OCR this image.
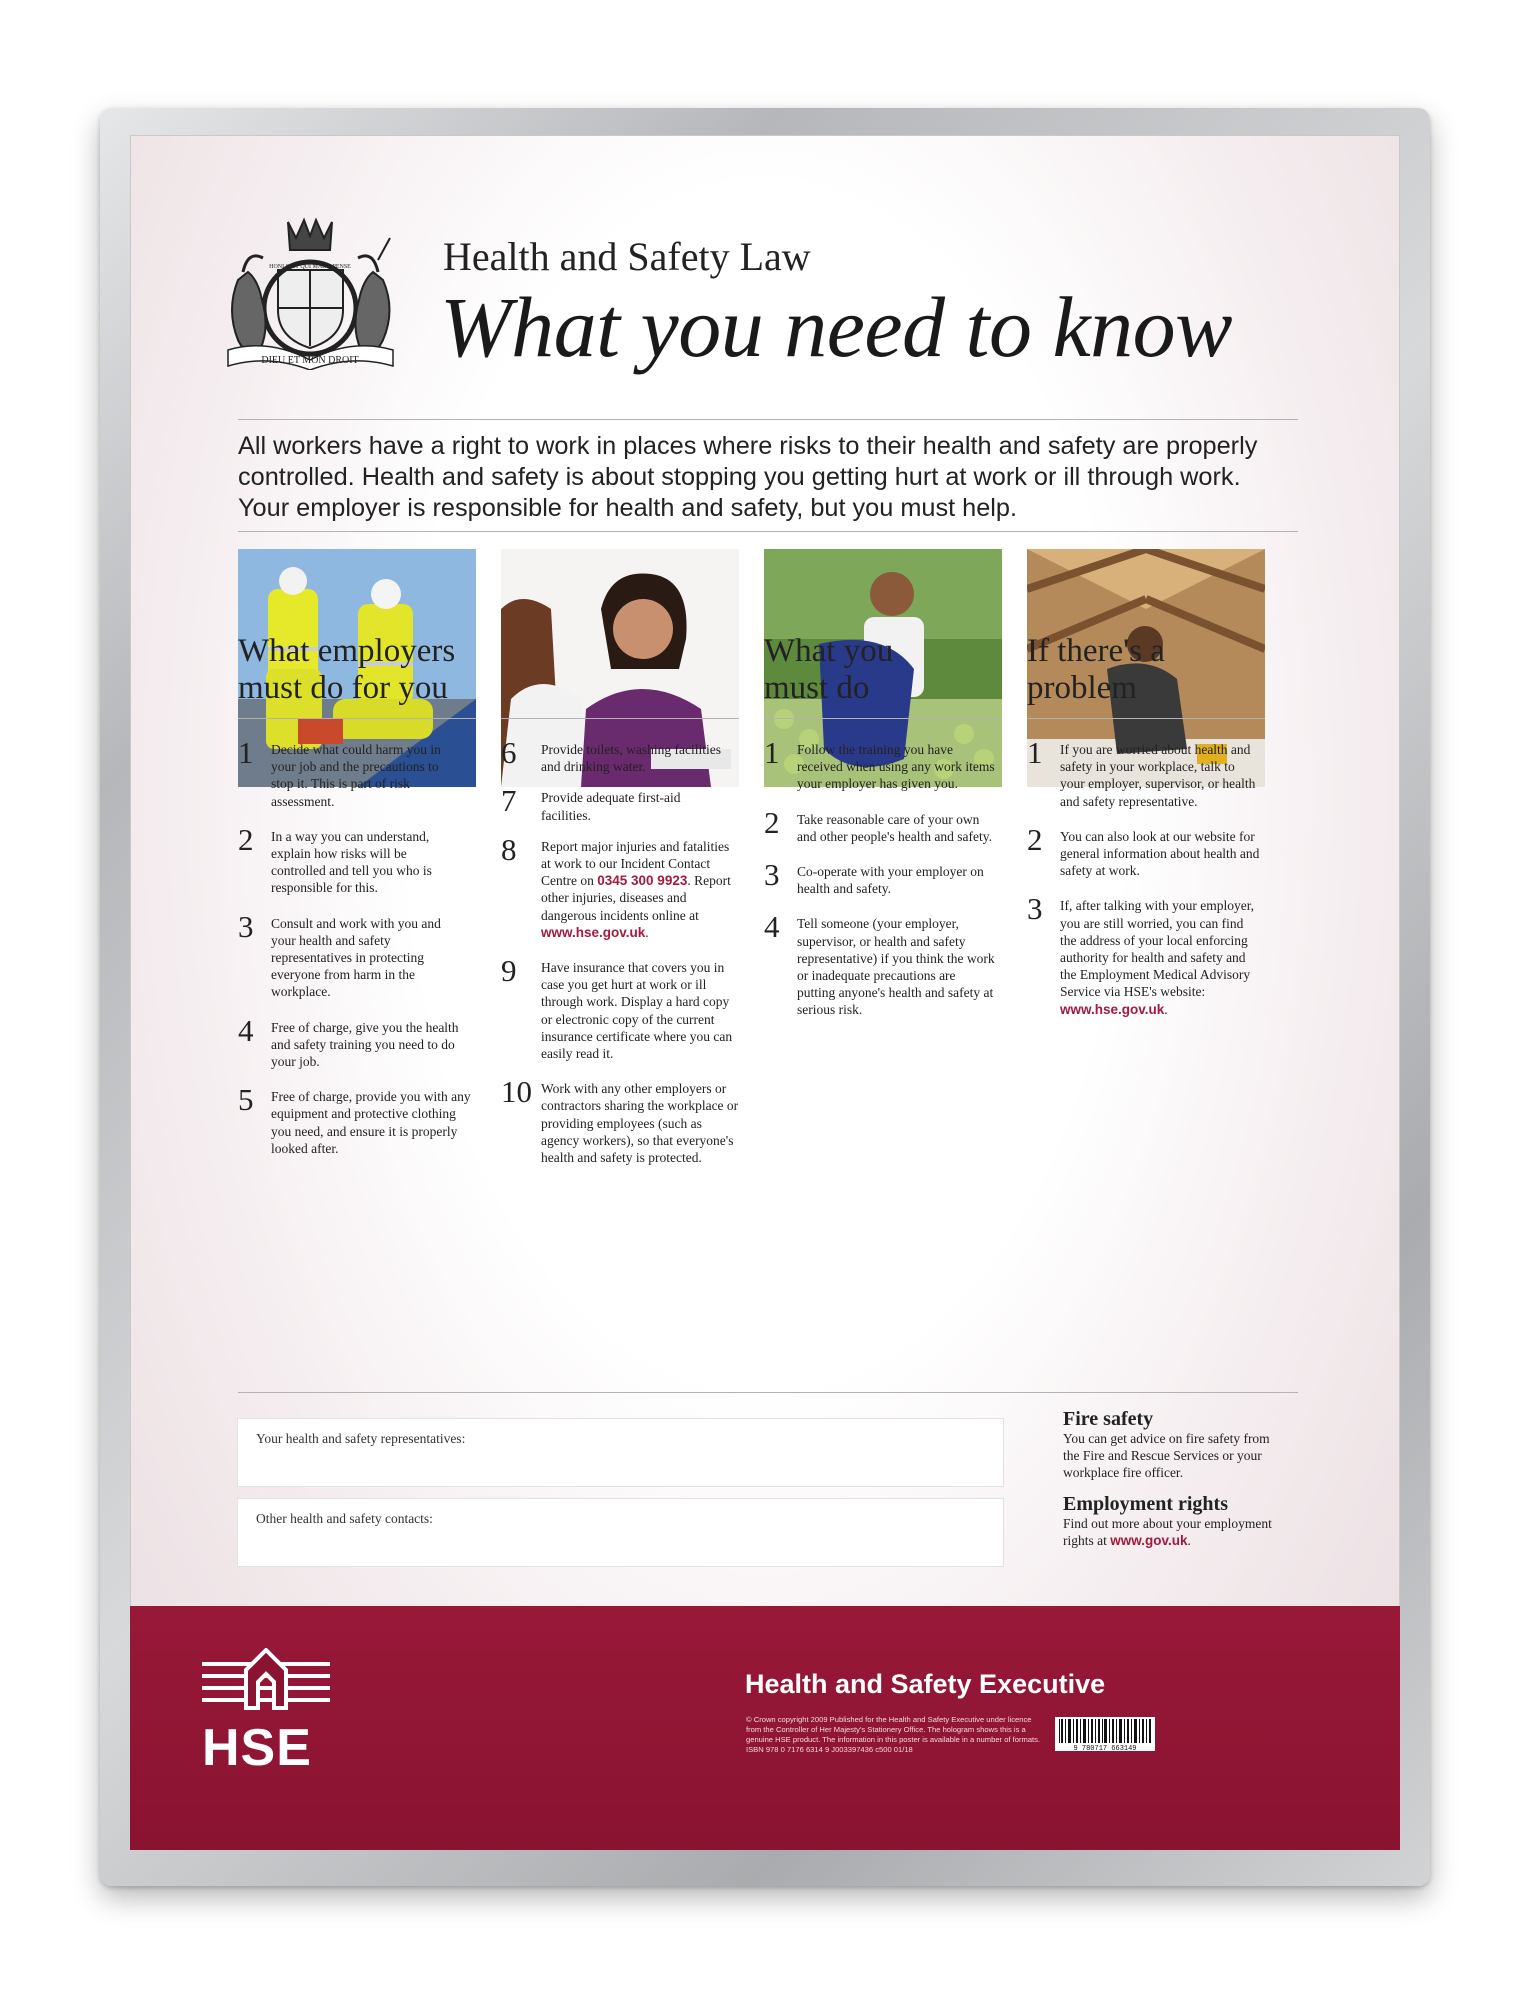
DIEU ET MON DROIT
HONI SOIT QUI MAL Y PENSE Health and Safety Law
What you need to know
All workers have a right to work in places where risks to their health and safety are properly controlled. Health and safety is about stopping you getting hurt at work or ill through work. Your employer is responsible for health and safety, but you must help.
What employers must do for you
What you must do
If there's a problem
1 Decide what could harm you in your job and the precautions to stop it. This is part of risk assessment.
2 In a way you can understand, explain how risks will be controlled and tell you who is responsible for this.
3 Consult and work with you and your health and safety representatives in protecting everyone from harm in the workplace.
4 Free of charge, give you the health and safety training you need to do your job.
5 Free of charge, provide you with any equipment and protective clothing you need, and ensure it is properly looked after.
6 Provide toilets, washing facilities and drinking water.
7 Provide adequate first-aid facilities.
8 Report major injuries and fatalities at work to our Incident Contact Centre on 0345 300 9923. Report other injuries, diseases and dangerous incidents online at www.hse.gov.uk.
9 Have insurance that covers you in case you get hurt at work or ill through work. Display a hard copy or electronic copy of the current insurance certificate where you can easily read it.
10 Work with any other employers or contractors sharing the workplace or providing employees (such as agency workers), so that everyone's health and safety is protected.
1 Follow the training you have received when using any work items your employer has given you.
2 Take reasonable care of your own and other people's health and safety.
3 Co-operate with your employer on health and safety.
4 Tell someone (your employer, supervisor, or health and safety representative) if you think the work or inadequate precautions are putting anyone's health and safety at serious risk.
1 If you are worried about health and safety in your workplace, talk to your employer, supervisor, or health and safety representative.
2 You can also look at our website for general information about health and safety at work.
3 If, after talking with your employer, you are still worried, you can find the address of your local enforcing authority for health and safety and the Employment Medical Advisory Service via HSE's website: www.hse.gov.uk.
Your health and safety representatives:
Other health and safety contacts:
Fire safety

You can get advice on fire safety from the Fire and Rescue Services or your workplace fire officer.

Employment rights

Find out more about your employment rights at www.gov.uk.

HSE
Health and Safety Executive
© Crown copyright 2009 Published for the Health and Safety Executive under licence from the Controller of Her Majesty's Stationery Office. The hologram shows this is a genuine HSE product. The information in this poster is available in a number of formats. ISBN 978 0 7176 6314 9 J003397436 c500 01/18	9 780717 663149
